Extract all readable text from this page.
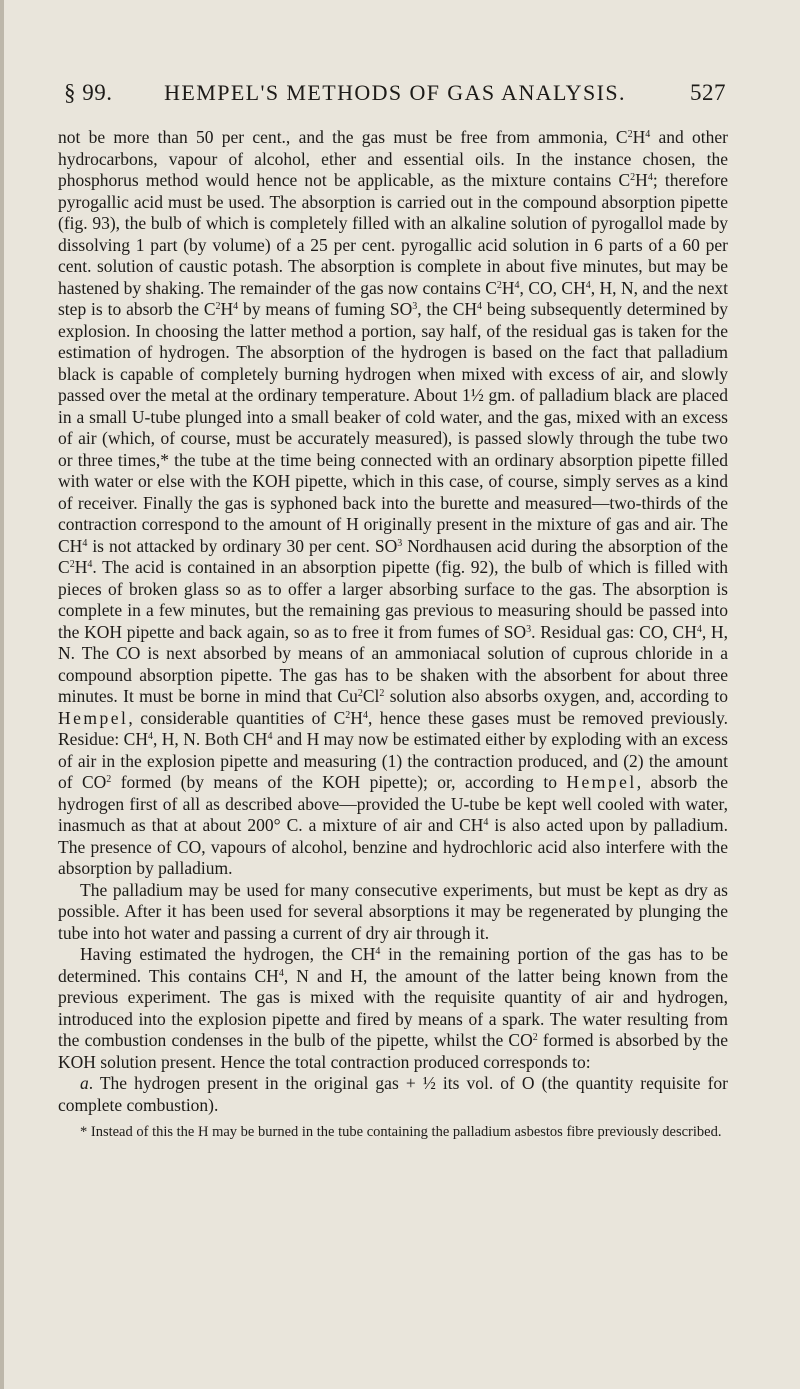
§ 99.	HEMPEL'S METHODS OF GAS ANALYSIS.	527

not be more than 50 per cent., and the gas must be free from ammonia, $C^2H^4$ and other hydrocarbons, vapour of alcohol, ether and essential oils. In the instance chosen, the phosphorus method would hence not be applicable, as the mixture contains $C^2H^4$; therefore pyrogallic acid must be used. The absorption is carried out in the compound absorption pipette (fig. 93), the bulb of which is completely filled with an alkaline solution of pyrogallol made by dissolving 1 part (by volume) of a 25 per cent. pyrogallic acid solution in 6 parts of a 60 per cent. solution of caustic potash. The absorption is complete in about five minutes, but may be hastened by shaking. The remainder of the gas now contains $C^2H^4$, CO, $CH^4$, H, N, and the next step is to absorb the $C^2H^4$ by means of fuming $SO^3$, the $CH^4$ being subsequently determined by explosion. In choosing the latter method a portion, say half, of the residual gas is taken for the estimation of hydrogen. The absorption of the hydrogen is based on the fact that palladium black is capable of completely burning hydrogen when mixed with excess of air, and slowly passed over the metal at the ordinary temperature. About 1½ gm. of palladium black are placed in a small U-tube plunged into a small beaker of cold water, and the gas, mixed with an excess of air (which, of course, must be accurately measured), is passed slowly through the tube two or three times,* the tube at the time being connected with an ordinary absorption pipette filled with water or else with the KOH pipette, which in this case, of course, simply serves as a kind of receiver. Finally the gas is syphoned back into the burette and measured—two-thirds of the contraction correspond to the amount of H originally present in the mixture of gas and air. The $CH^4$ is not attacked by ordinary 30 per cent. $SO^3$ Nordhausen acid during the absorption of the $C^2H^4$. The acid is contained in an absorption pipette (fig. 92), the bulb of which is filled with pieces of broken glass so as to offer a larger absorbing surface to the gas. The absorption is complete in a few minutes, but the remaining gas previous to measuring should be passed into the KOH pipette and back again, so as to free it from fumes of $SO^3$. Residual gas: CO, $CH^4$, H, N. The CO is next absorbed by means of an ammoniacal solution of cuprous chloride in a compound absorption pipette. The gas has to be shaken with the absorbent for about three minutes. It must be borne in mind that Cu$^2$Cl$^2$ solution also absorbs oxygen, and, according to Hempel, considerable quantities of $C^2H^4$, hence these gases must be removed previously. Residue: $CH^4$, H, N. Both $CH^4$ and H may now be estimated either by exploding with an excess of air in the explosion pipette and measuring (1) the contraction produced, and (2) the amount of $CO^2$ formed (by means of the KOH pipette); or, according to Hempel, absorb the hydrogen first of all as described above—provided the U-tube be kept well cooled with water, inasmuch as that at about 200° C. a mixture of air and $CH^4$ is also acted upon by palladium. The presence of CO, vapours of alcohol, benzine and hydrochloric acid also interfere with the absorption by palladium.

The palladium may be used for many consecutive experiments, but must be kept as dry as possible. After it has been used for several absorptions it may be regenerated by plunging the tube into hot water and passing a current of dry air through it.

Having estimated the hydrogen, the $CH^4$ in the remaining portion of the gas has to be determined. This contains $CH^4$, N and H, the amount of the latter being known from the previous experiment. The gas is mixed with the requisite quantity of air and hydrogen, introduced into the explosion pipette and fired by means of a spark. The water resulting from the combustion condenses in the bulb of the pipette, whilst the $CO^2$ formed is absorbed by the KOH solution present. Hence the total contraction produced corresponds to:

a. The hydrogen present in the original gas + ½ its vol. of O (the quantity requisite for complete combustion).

* Instead of this the H may be burned in the tube containing the palladium asbestos fibre previously described.
